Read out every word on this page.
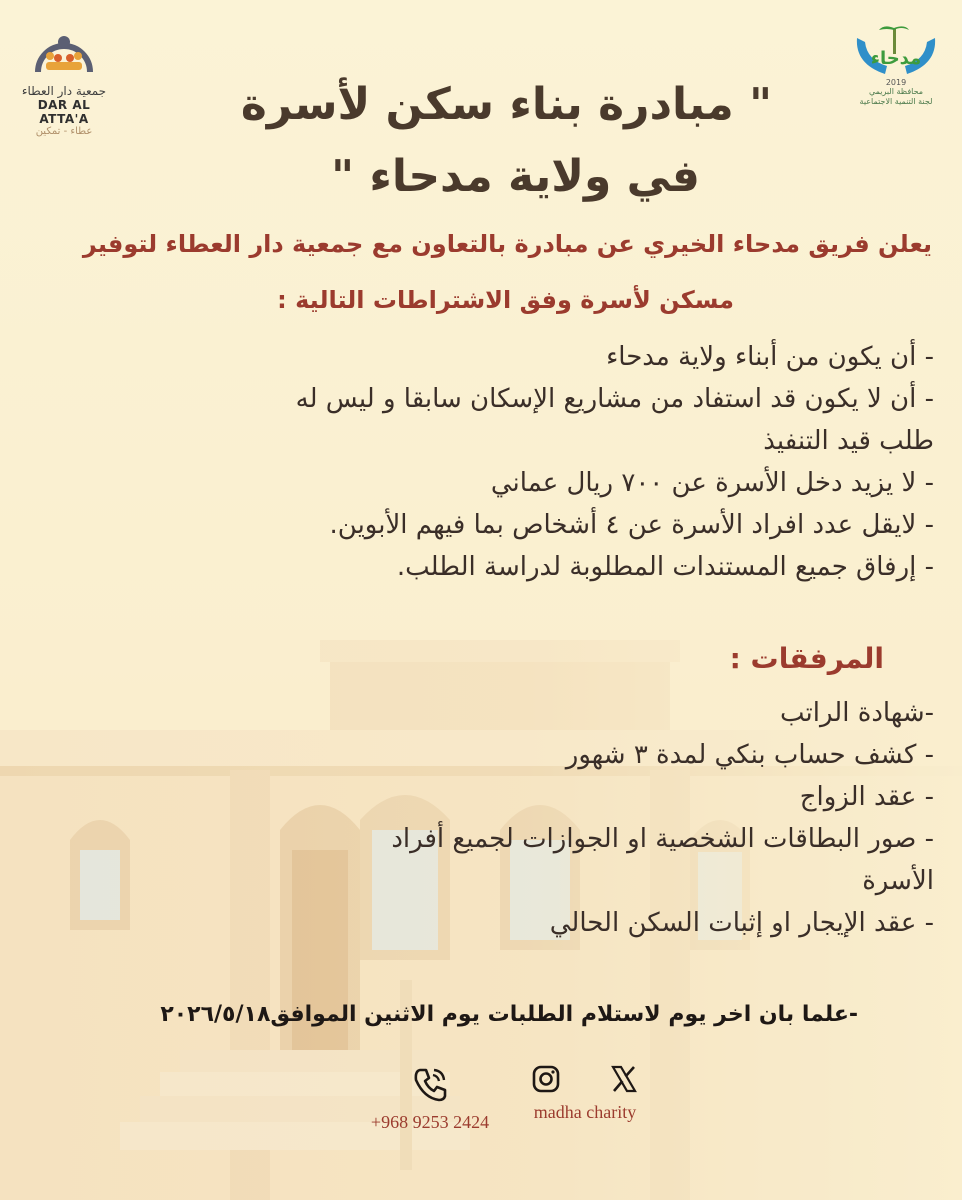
جمعية دار العطاء
DAR AL ATTA'A
عطاء - تمكين
مدحاء
2019
محافظة البريمي
لجنة التنمية الاجتماعية
" مبادرة بناء سكن لأسرة
في ولاية مدحاء "
يعلن فريق مدحاء الخيري عن مبادرة بالتعاون مع جمعية دار العطاء لتوفير
مسكن لأسرة وفق الاشتراطات التالية :
- أن يكون من أبناء ولاية مدحاء
- أن لا يكون قد استفاد من مشاريع الإسكان سابقا و ليس له
طلب قيد التنفيذ
- لا يزيد دخل الأسرة عن ٧٠٠ ريال عماني
- لايقل عدد افراد الأسرة عن ٤ أشخاص بما فيهم الأبوين.
- إرفاق جميع المستندات المطلوبة لدراسة الطلب.
المرفقات :
-شهادة الراتب
- كشف حساب بنكي لمدة ٣ شهور
- عقد الزواج
- صور البطاقات الشخصية او الجوازات لجميع أفراد
الأسرة
- عقد الإيجار او إثبات السكن الحالي
-علما بان اخر يوم لاستلام الطلبات يوم الاثنين الموافق٢٠٢٦/٥/١٨
+968 9253 2424	madha charity
